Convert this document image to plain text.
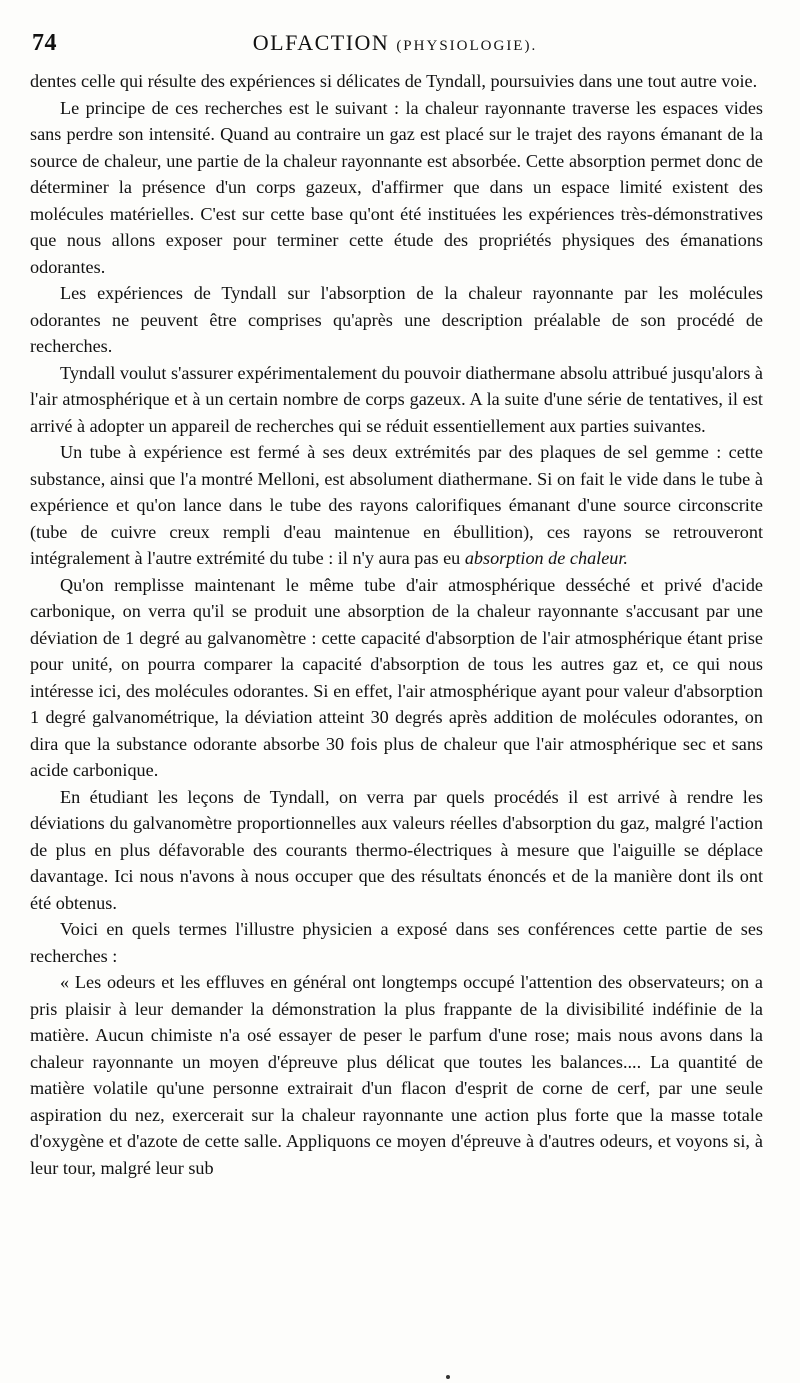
74	OLFACTION (PHYSIOLOGIE).

dentes celle qui résulte des expériences si délicates de Tyndall, poursuivies dans une tout autre voie.

Le principe de ces recherches est le suivant : la chaleur rayonnante traverse les espaces vides sans perdre son intensité. Quand au contraire un gaz est placé sur le trajet des rayons émanant de la source de chaleur, une partie de la chaleur rayonnante est absorbée. Cette absorption permet donc de déterminer la présence d'un corps gazeux, d'affirmer que dans un espace limité existent des molécules matérielles. C'est sur cette base qu'ont été instituées les expériences très-démonstratives que nous allons exposer pour terminer cette étude des propriétés physiques des émanations odorantes.

Les expériences de Tyndall sur l'absorption de la chaleur rayonnante par les molécules odorantes ne peuvent être comprises qu'après une description préalable de son procédé de recherches.

Tyndall voulut s'assurer expérimentalement du pouvoir diathermane absolu attribué jusqu'alors à l'air atmosphérique et à un certain nombre de corps gazeux. A la suite d'une série de tentatives, il est arrivé à adopter un appareil de recherches qui se réduit essentiellement aux parties suivantes.

Un tube à expérience est fermé à ses deux extrémités par des plaques de sel gemme : cette substance, ainsi que l'a montré Melloni, est absolument diathermane. Si on fait le vide dans le tube à expérience et qu'on lance dans le tube des rayons calorifiques émanant d'une source circonscrite (tube de cuivre creux rempli d'eau maintenue en ébullition), ces rayons se retrouveront intégralement à l'autre extrémité du tube : il n'y aura pas eu absorption de chaleur.

Qu'on remplisse maintenant le même tube d'air atmosphérique desséché et privé d'acide carbonique, on verra qu'il se produit une absorption de la chaleur rayonnante s'accusant par une déviation de 1 degré au galvanomètre : cette capacité d'absorption de l'air atmosphérique étant prise pour unité, on pourra comparer la capacité d'absorption de tous les autres gaz et, ce qui nous intéresse ici, des molécules odorantes. Si en effet, l'air atmosphérique ayant pour valeur d'absorption 1 degré galvanométrique, la déviation atteint 30 degrés après addition de molécules odorantes, on dira que la substance odorante absorbe 30 fois plus de chaleur que l'air atmosphérique sec et sans acide carbonique.

En étudiant les leçons de Tyndall, on verra par quels procédés il est arrivé à rendre les déviations du galvanomètre proportionnelles aux valeurs réelles d'absorption du gaz, malgré l'action de plus en plus défavorable des courants thermo-électriques à mesure que l'aiguille se déplace davantage. Ici nous n'avons à nous occuper que des résultats énoncés et de la manière dont ils ont été obtenus.

Voici en quels termes l'illustre physicien a exposé dans ses conférences cette partie de ses recherches :

« Les odeurs et les effluves en général ont longtemps occupé l'attention des observateurs; on a pris plaisir à leur demander la démonstration la plus frappante de la divisibilité indéfinie de la matière. Aucun chimiste n'a osé essayer de peser le parfum d'une rose; mais nous avons dans la chaleur rayonnante un moyen d'épreuve plus délicat que toutes les balances.... La quantité de matière volatile qu'une personne extrairait d'un flacon d'esprit de corne de cerf, par une seule aspiration du nez, exercerait sur la chaleur rayonnante une action plus forte que la masse totale d'oxygène et d'azote de cette salle. Appliquons ce moyen d'épreuve à d'autres odeurs, et voyons si, à leur tour, malgré leur sub
